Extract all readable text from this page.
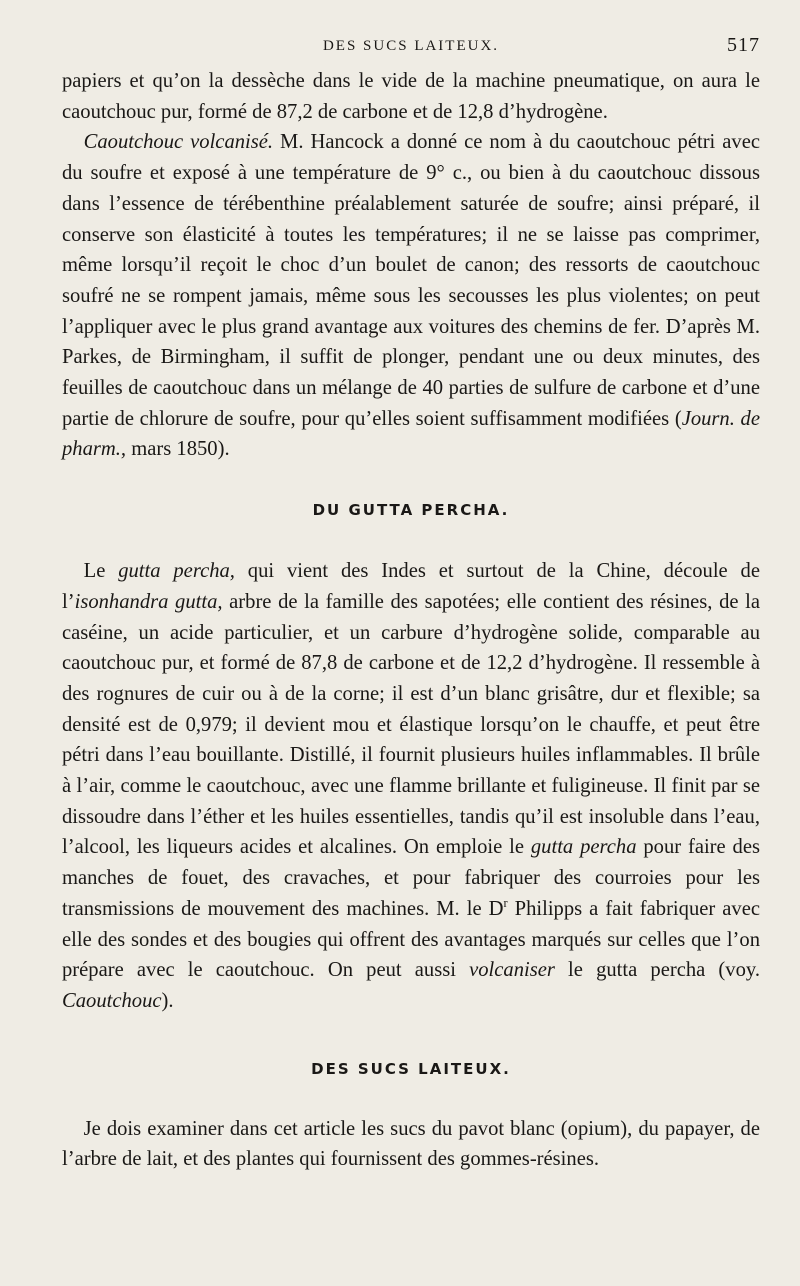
DES SUCS LAITEUX.	517

papiers et qu’on la dessèche dans le vide de la machine pneumatique, on aura le caoutchouc pur, formé de 87,2 de carbone et de 12,8 d’hydrogène.

Caoutchouc volcanisé. M. Hancock a donné ce nom à du caoutchouc pétri avec du soufre et exposé à une température de 9° c., ou bien à du caoutchouc dissous dans l’essence de térébenthine préalablement saturée de soufre; ainsi préparé, il conserve son élasticité à toutes les températures; il ne se laisse pas comprimer, même lorsqu’il reçoit le choc d’un boulet de canon; des ressorts de caoutchouc soufré ne se rompent jamais, même sous les secousses les plus violentes; on peut l’appliquer avec le plus grand avantage aux voitures des chemins de fer. D’après M. Parkes, de Birmingham, il suffit de plonger, pendant une ou deux minutes, des feuilles de caoutchouc dans un mélange de 40 parties de sulfure de carbone et d’une partie de chlorure de soufre, pour qu’elles soient suffisamment modifiées (Journ. de pharm., mars 1850).

DU GUTTA PERCHA.

Le gutta percha, qui vient des Indes et surtout de la Chine, découle de l’isonhandra gutta, arbre de la famille des sapotées; elle contient des résines, de la caséine, un acide particulier, et un carbure d’hydrogène solide, comparable au caoutchouc pur, et formé de 87,8 de carbone et de 12,2 d’hydrogène. Il ressemble à des rognures de cuir ou à de la corne; il est d’un blanc grisâtre, dur et flexible; sa densité est de 0,979; il devient mou et élastique lorsqu’on le chauffe, et peut être pétri dans l’eau bouillante. Distillé, il fournit plusieurs huiles inflammables. Il brûle à l’air, comme le caoutchouc, avec une flamme brillante et fuligineuse. Il finit par se dissoudre dans l’éther et les huiles essentielles, tandis qu’il est insoluble dans l’eau, l’alcool, les liqueurs acides et alcalines. On emploie le gutta percha pour faire des manches de fouet, des cravaches, et pour fabriquer des courroies pour les transmissions de mouvement des machines. M. le $D^r$ Philipps a fait fabriquer avec elle des sondes et des bougies qui offrent des avantages marqués sur celles que l’on prépare avec le caoutchouc. On peut aussi volcaniser le gutta percha (voy. Caoutchouc).

DES SUCS LAITEUX.

Je dois examiner dans cet article les sucs du pavot blanc (opium), du papayer, de l’arbre de lait, et des plantes qui fournissent des gommes-résines.
